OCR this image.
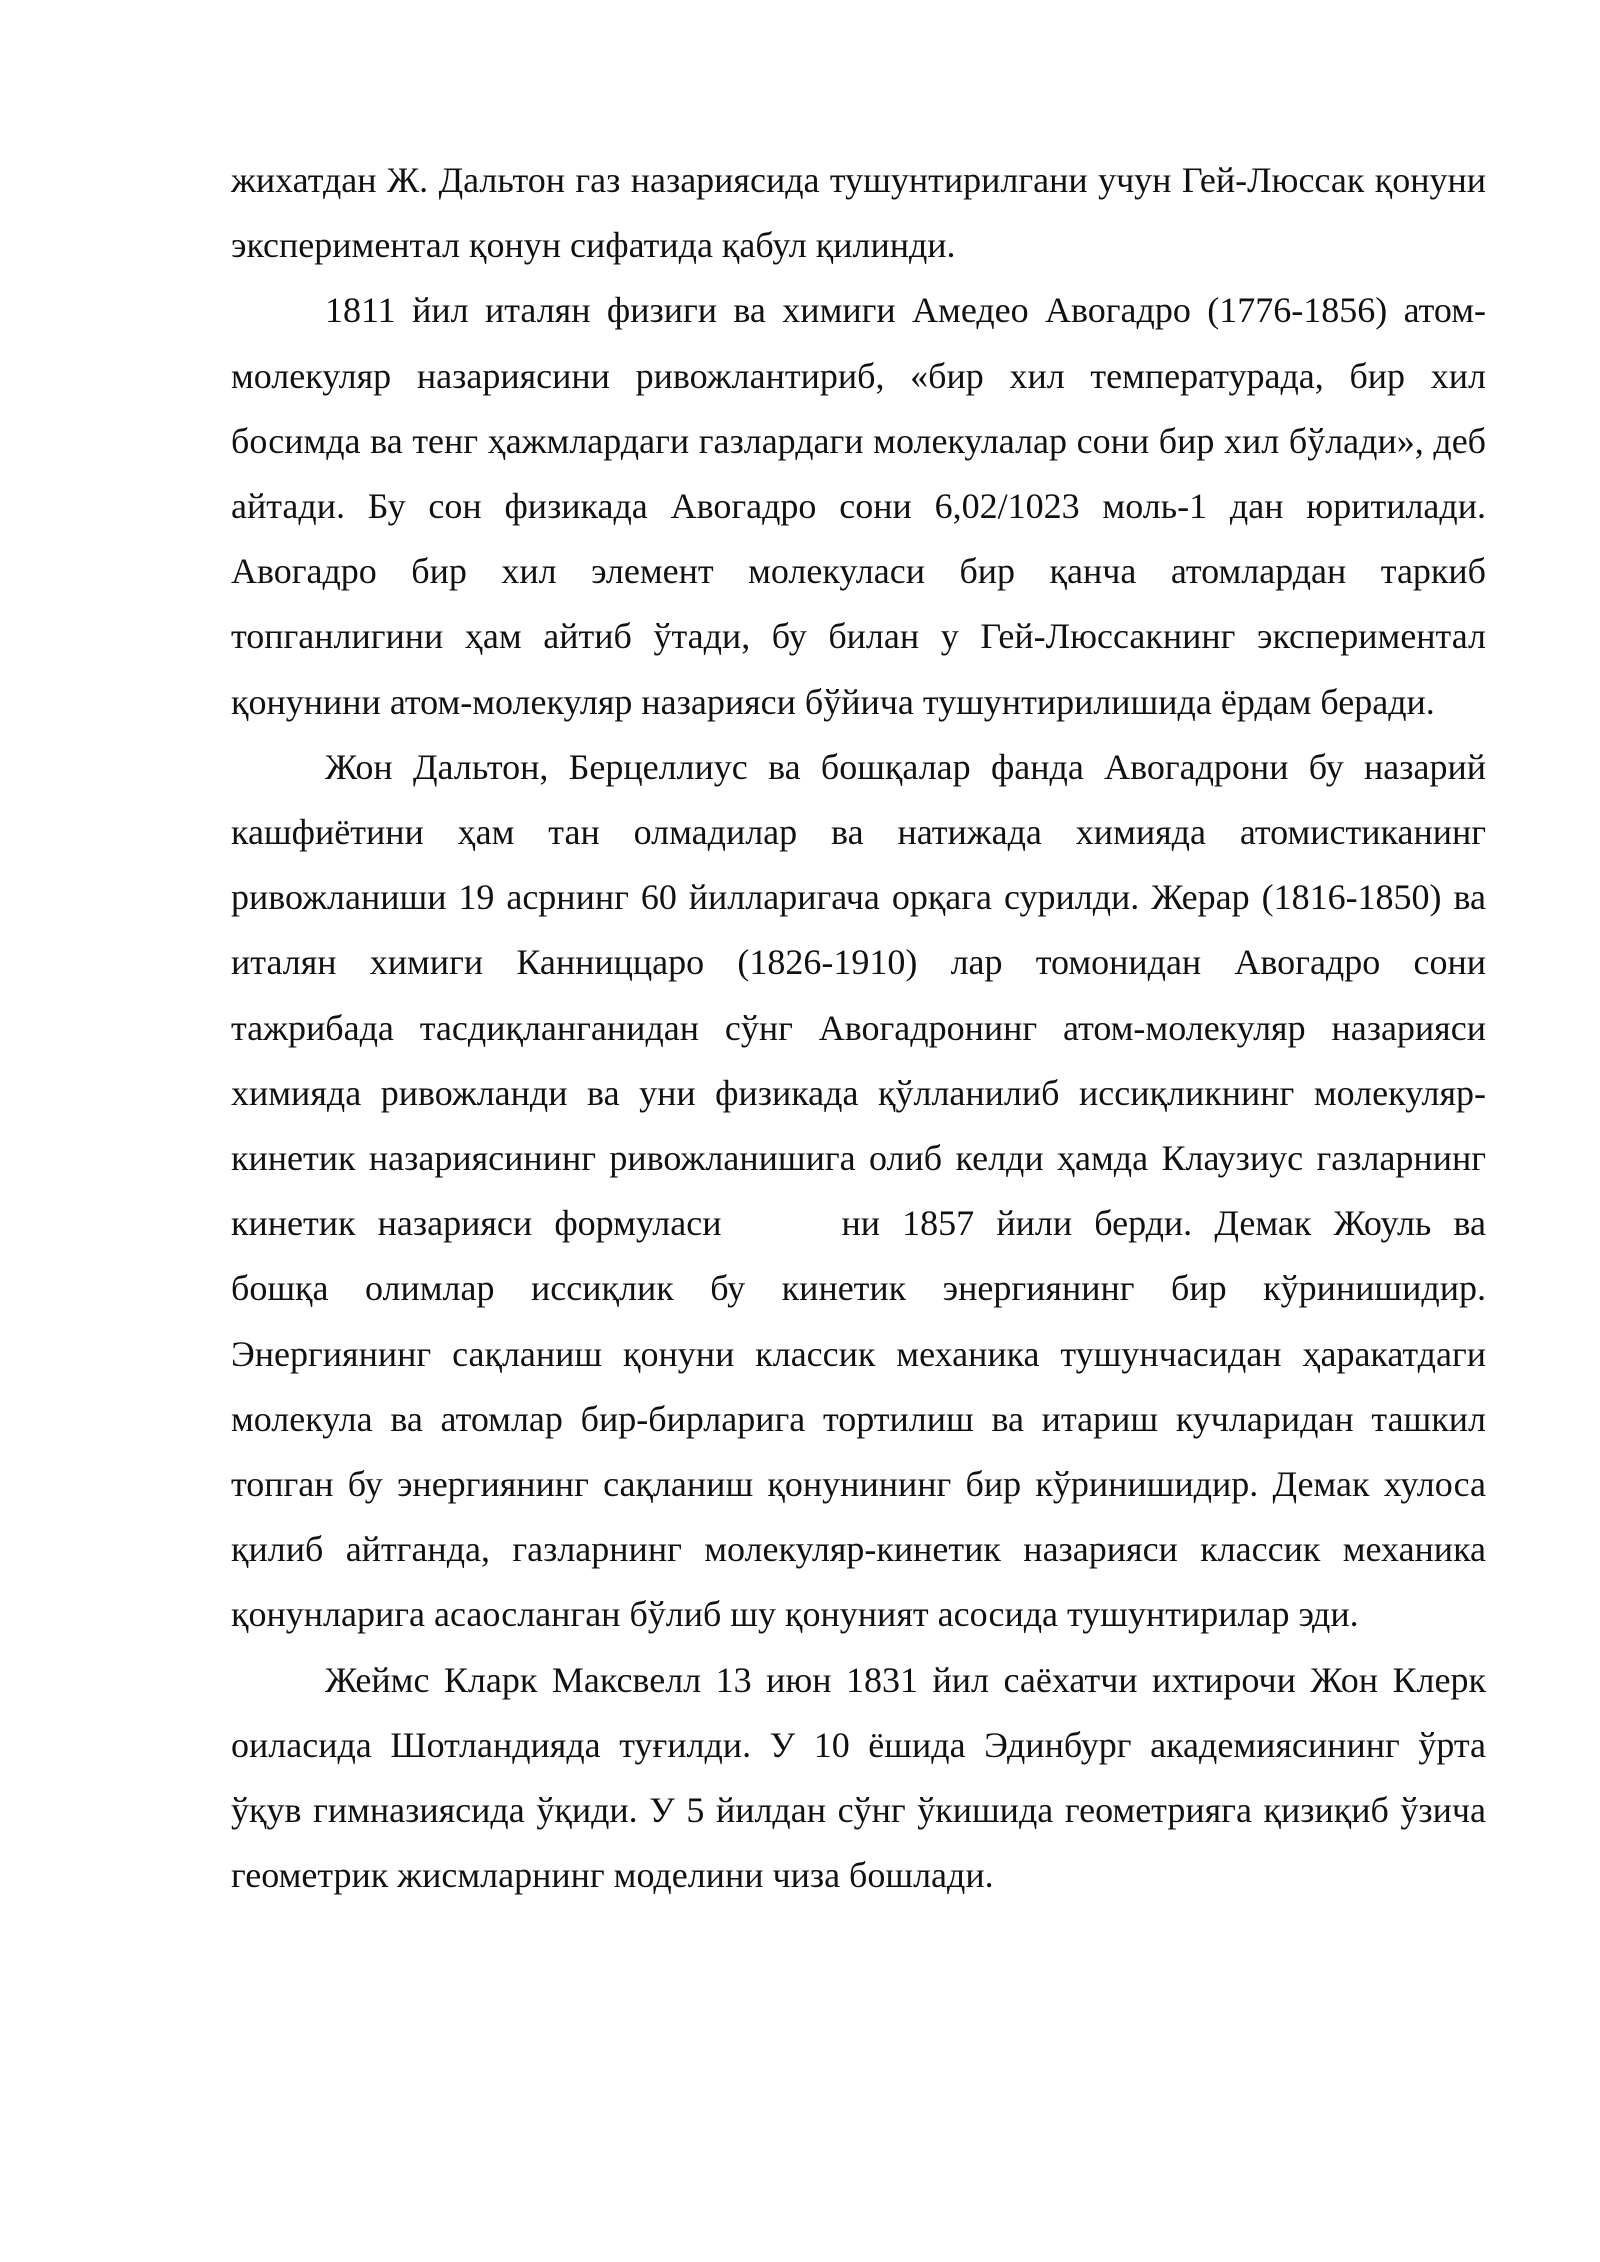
жихатдан Ж. Дальтон газ назариясида тушунтирилгани учун Гей-Люссак қонуни экспериментал қонун сифатида қабул қилинди.

1811 йил италян физиги ва химиги Амедео Авогадро (1776-1856) атом-молекуляр назариясини ривожлантириб, «бир хил температурада, бир хил босимда ва тенг ҳажмлардаги газлардаги молекулалар сони бир хил бўлади», деб айтади. Бу сон физикада Авогадро сони 6,02/1023 моль-1 дан юритилади. Авогадро бир хил элемент молекуласи бир қанча атомлардан таркиб топганлигини ҳам айтиб ўтади, бу билан у Гей-Люссакнинг экспериментал қонунини атом-молекуляр назарияси бўйича тушунтирилишида ёрдам беради.

Жон Дальтон, Берцеллиус ва бошқалар фанда Авогадрони бу назарий кашфиётини ҳам тан олмадилар ва натижада химияда атомистиканинг ривожланиши 19 асрнинг 60 йилларигача орқага сурилди. Жерар (1816-1850) ва италян химиги Канниццаро (1826-1910) лар томонидан Авогадро сони тажрибада тасдиқланганидан сўнг Авогадронинг атом-молекуляр назарияси химияда ривожланди ва уни физикада қўлланилиб иссиқликнинг молекуляр-кинетик назариясининг ривожланишига олиб келди ҳамда Клаузиус газларнинг кинетик назарияси формуласи	ни 1857 йили берди. Демак Жоуль ва бошқа олимлар иссиқлик бу кинетик энергиянинг бир кўринишидир. Энергиянинг сақланиш қонуни классик механика тушунчасидан ҳаракатдаги молекула ва атомлар бир-бирларига тортилиш ва итариш кучларидан ташкил топган бу энергиянинг сақланиш қонунининг бир кўринишидир. Демак хулоса қилиб айтганда, газларнинг молекуляр-кинетик назарияси классик механика қонунларига асаосланган бўлиб шу қонуният асосида тушунтирилар эди.

Жеймс Кларк Максвелл 13 июн 1831 йил саёхатчи ихтирочи Жон Клерк оиласида Шотландияда туғилди. У 10 ёшида Эдинбург академиясининг ўрта ўқув гимназиясида ўқиди. У 5 йилдан сўнг ўкишида геометрияга қизиқиб ўзича геометрик жисмларнинг моделини чиза бошлади.
